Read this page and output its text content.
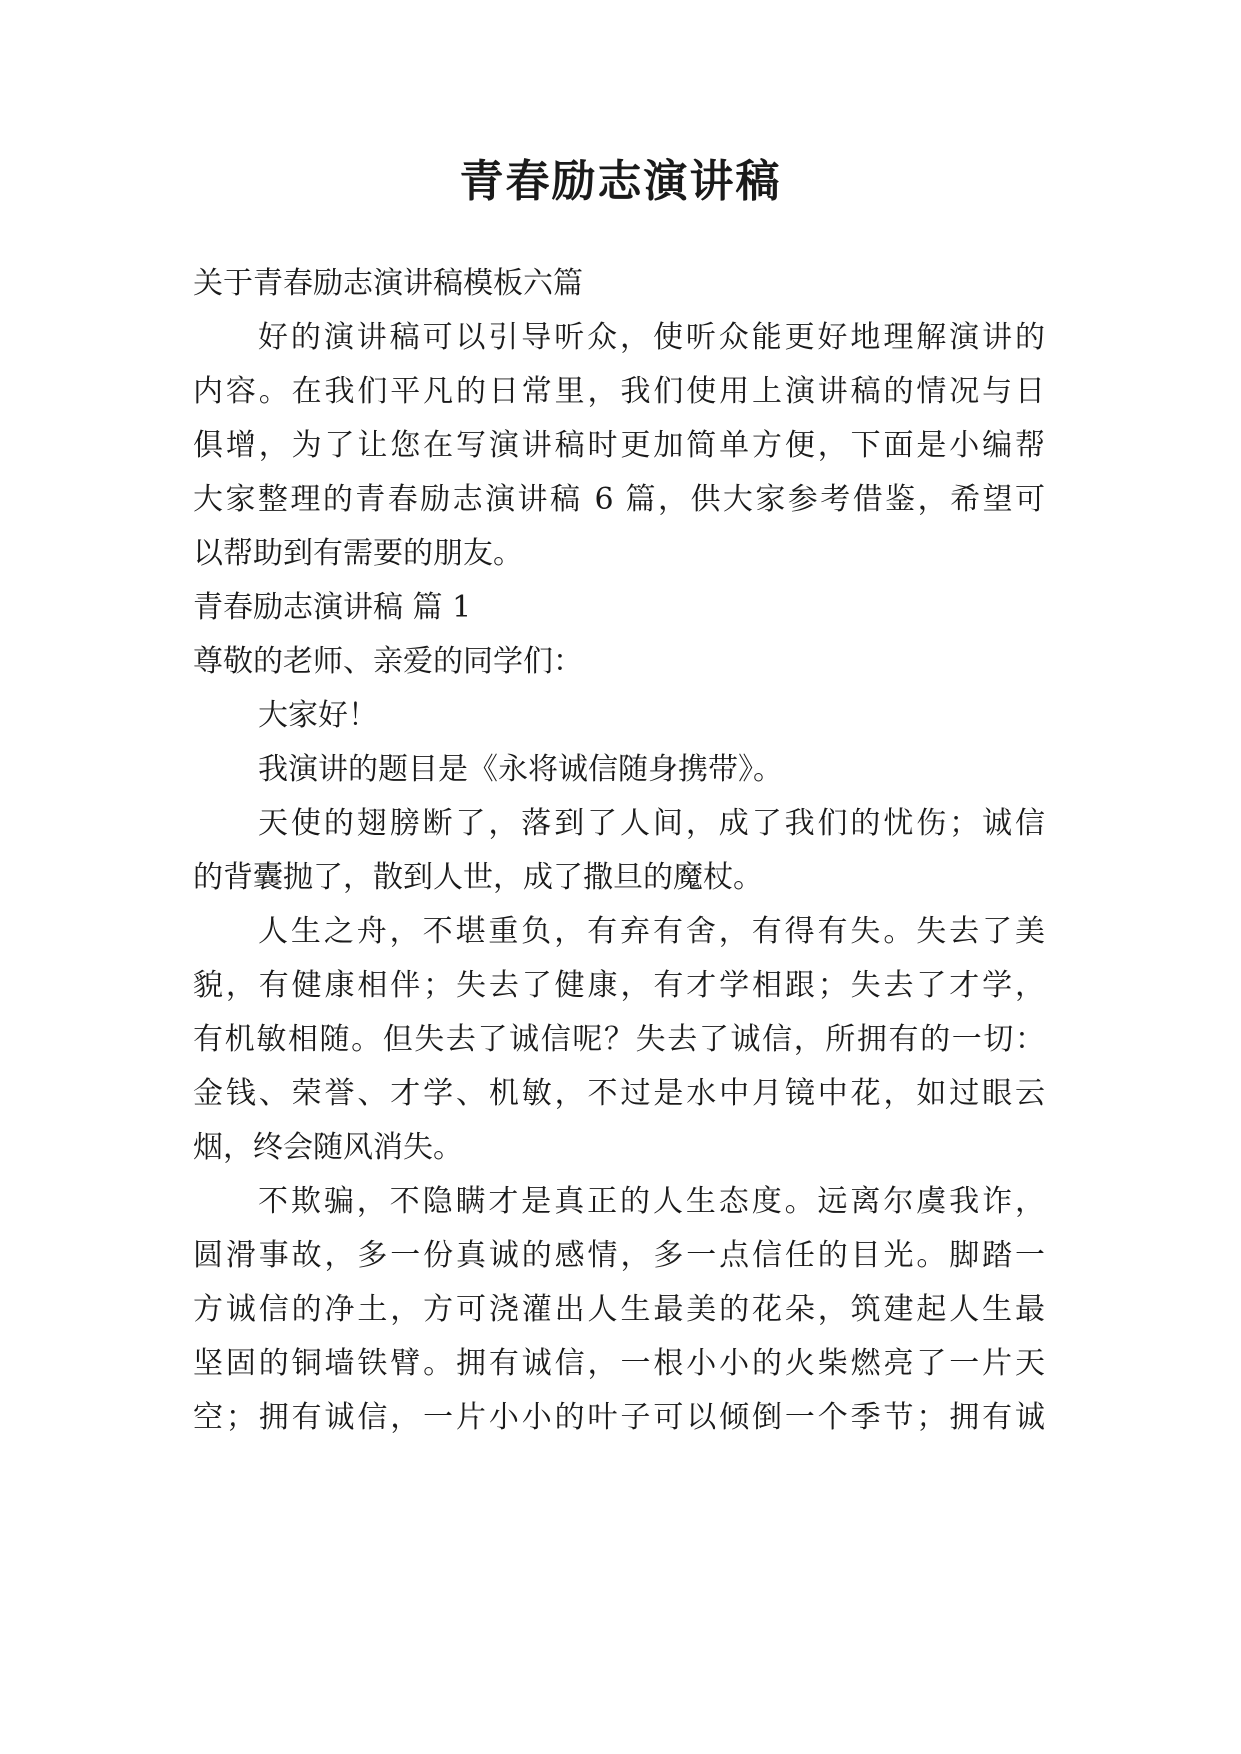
青春励志演讲稿

关于青春励志演讲稿模板六篇

好的演讲稿可以引导听众，使听众能更好地理解演讲的

内容。在我们平凡的日常里，我们使用上演讲稿的情况与日

俱增，为了让您在写演讲稿时更加简单方便，下面是小编帮

大家整理的青春励志演讲稿 6 篇，供大家参考借鉴，希望可

以帮助到有需要的朋友。

青春励志演讲稿 篇 1

尊敬的老师、亲爱的同学们：

大家好！

我演讲的题目是《永将诚信随身携带》。

天使的翅膀断了，落到了人间，成了我们的忧伤；诚信

的背囊抛了，散到人世，成了撒旦的魔杖。

人生之舟，不堪重负，有弃有舍，有得有失。失去了美

貌，有健康相伴；失去了健康，有才学相跟；失去了才学，

有机敏相随。但失去了诚信呢？失去了诚信，所拥有的一切：

金钱、荣誉、才学、机敏，不过是水中月镜中花，如过眼云

烟，终会随风消失。

不欺骗，不隐瞒才是真正的人生态度。远离尔虞我诈，

圆滑事故，多一份真诚的感情，多一点信任的目光。脚踏一

方诚信的净土，方可浇灌出人生最美的花朵，筑建起人生最

坚固的铜墙铁臂。拥有诚信，一根小小的火柴燃亮了一片天

空；拥有诚信，一片小小的叶子可以倾倒一个季节；拥有诚
